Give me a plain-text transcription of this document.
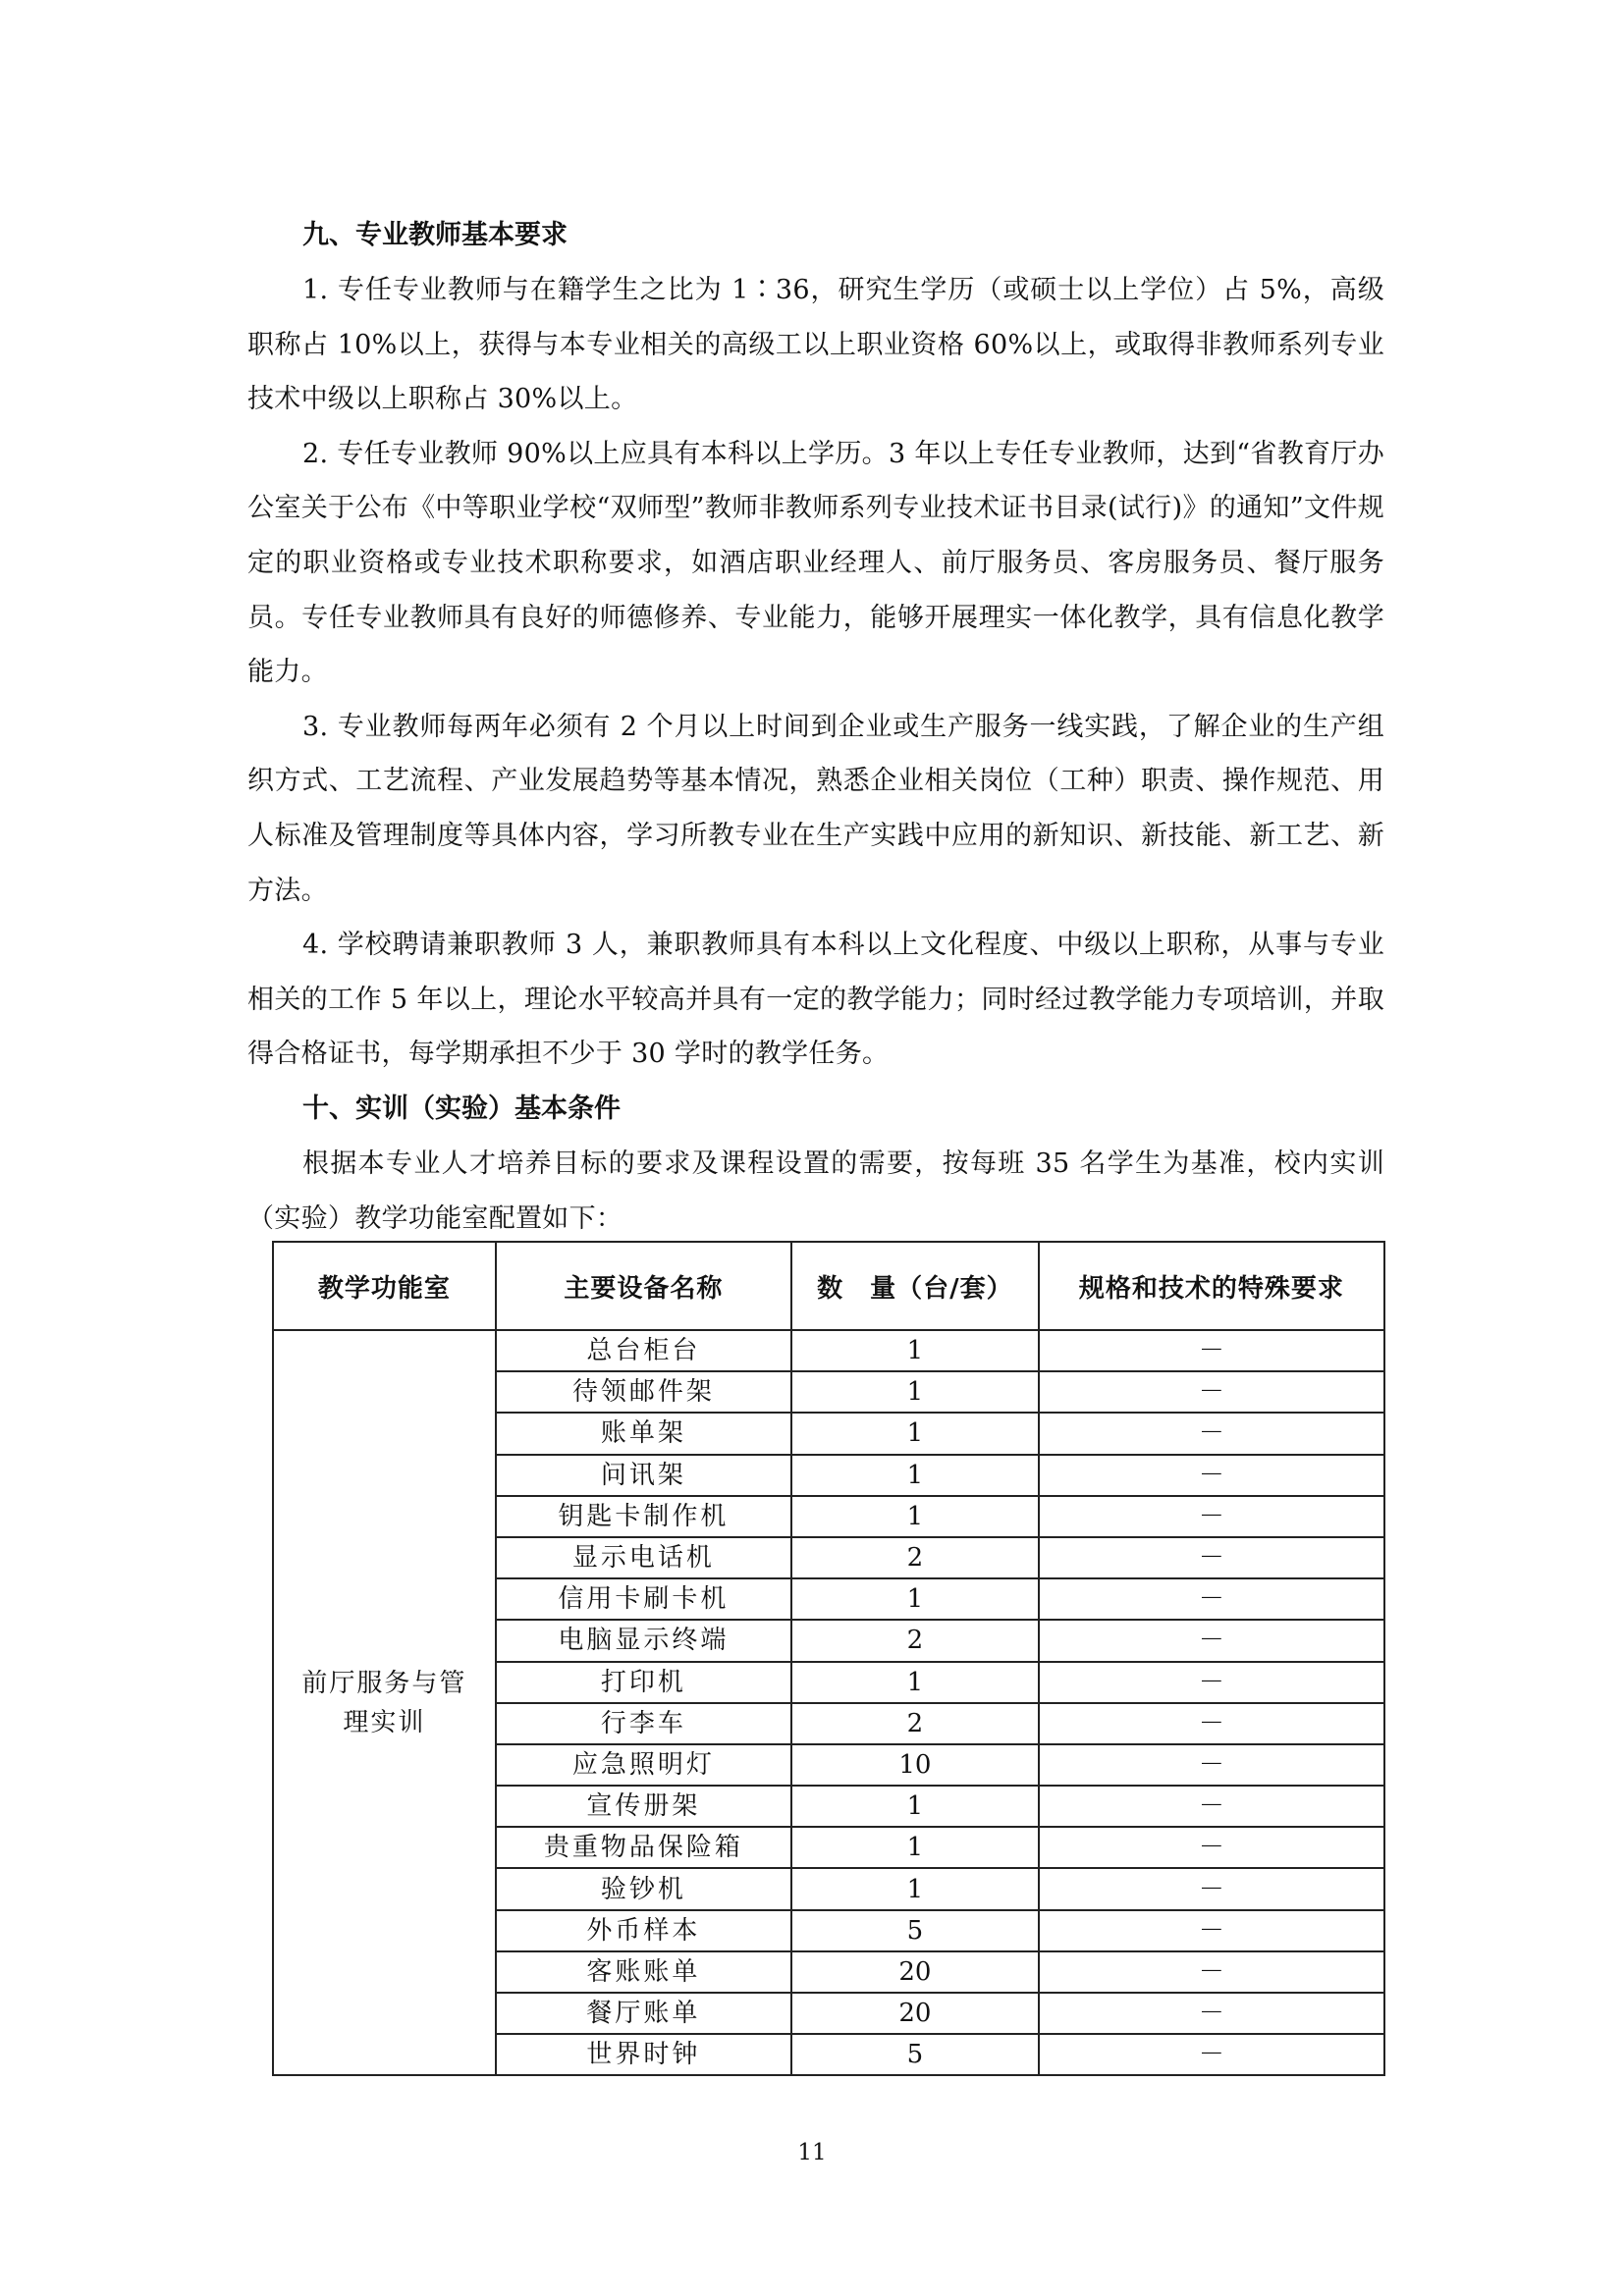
九、专业教师基本要求

1. 专任专业教师与在籍学生之比为 1∶36，研究生学历（或硕士以上学位）占 5%，高级职称占 10%以上，获得与本专业相关的高级工以上职业资格 60%以上，或取得非教师系列专业技术中级以上职称占 30%以上。

2. 专任专业教师 90%以上应具有本科以上学历。3 年以上专任专业教师，达到“省教育厅办公室关于公布《中等职业学校“双师型”教师非教师系列专业技术证书目录(试行)》的通知”文件规定的职业资格或专业技术职称要求，如酒店职业经理人、前厅服务员、客房服务员、餐厅服务员。专任专业教师具有良好的师德修养、专业能力，能够开展理实一体化教学，具有信息化教学能力。

3. 专业教师每两年必须有 2 个月以上时间到企业或生产服务一线实践，了解企业的生产组织方式、工艺流程、产业发展趋势等基本情况，熟悉企业相关岗位（工种）职责、操作规范、用人标准及管理制度等具体内容，学习所教专业在生产实践中应用的新知识、新技能、新工艺、新方法。

4. 学校聘请兼职教师 3 人，兼职教师具有本科以上文化程度、中级以上职称，从事与专业相关的工作 5 年以上，理论水平较高并具有一定的教学能力；同时经过教学能力专项培训，并取得合格证书，每学期承担不少于 30 学时的教学任务。

十、实训（实验）基本条件

根据本专业人才培养目标的要求及课程设置的需要，按每班 35 名学生为基准，校内实训（实验）教学功能室配置如下：

教学功能室	主要设备名称	数　量（台/套）	规格和技术的特殊要求
前厅服务与管理实训	总台柜台	1	－
	待领邮件架	1	－
	账单架	1	－
	问讯架	1	－
	钥匙卡制作机	1	－
	显示电话机	2	－
	信用卡刷卡机	1	－
	电脑显示终端	2	－
	打印机	1	－
	行李车	2	－
	应急照明灯	10	－
	宣传册架	1	－
	贵重物品保险箱	1	－
	验钞机	1	－
	外币样本	5	－
	客账账单	20	－
	餐厅账单	20	－
	世界时钟	5	－
11
